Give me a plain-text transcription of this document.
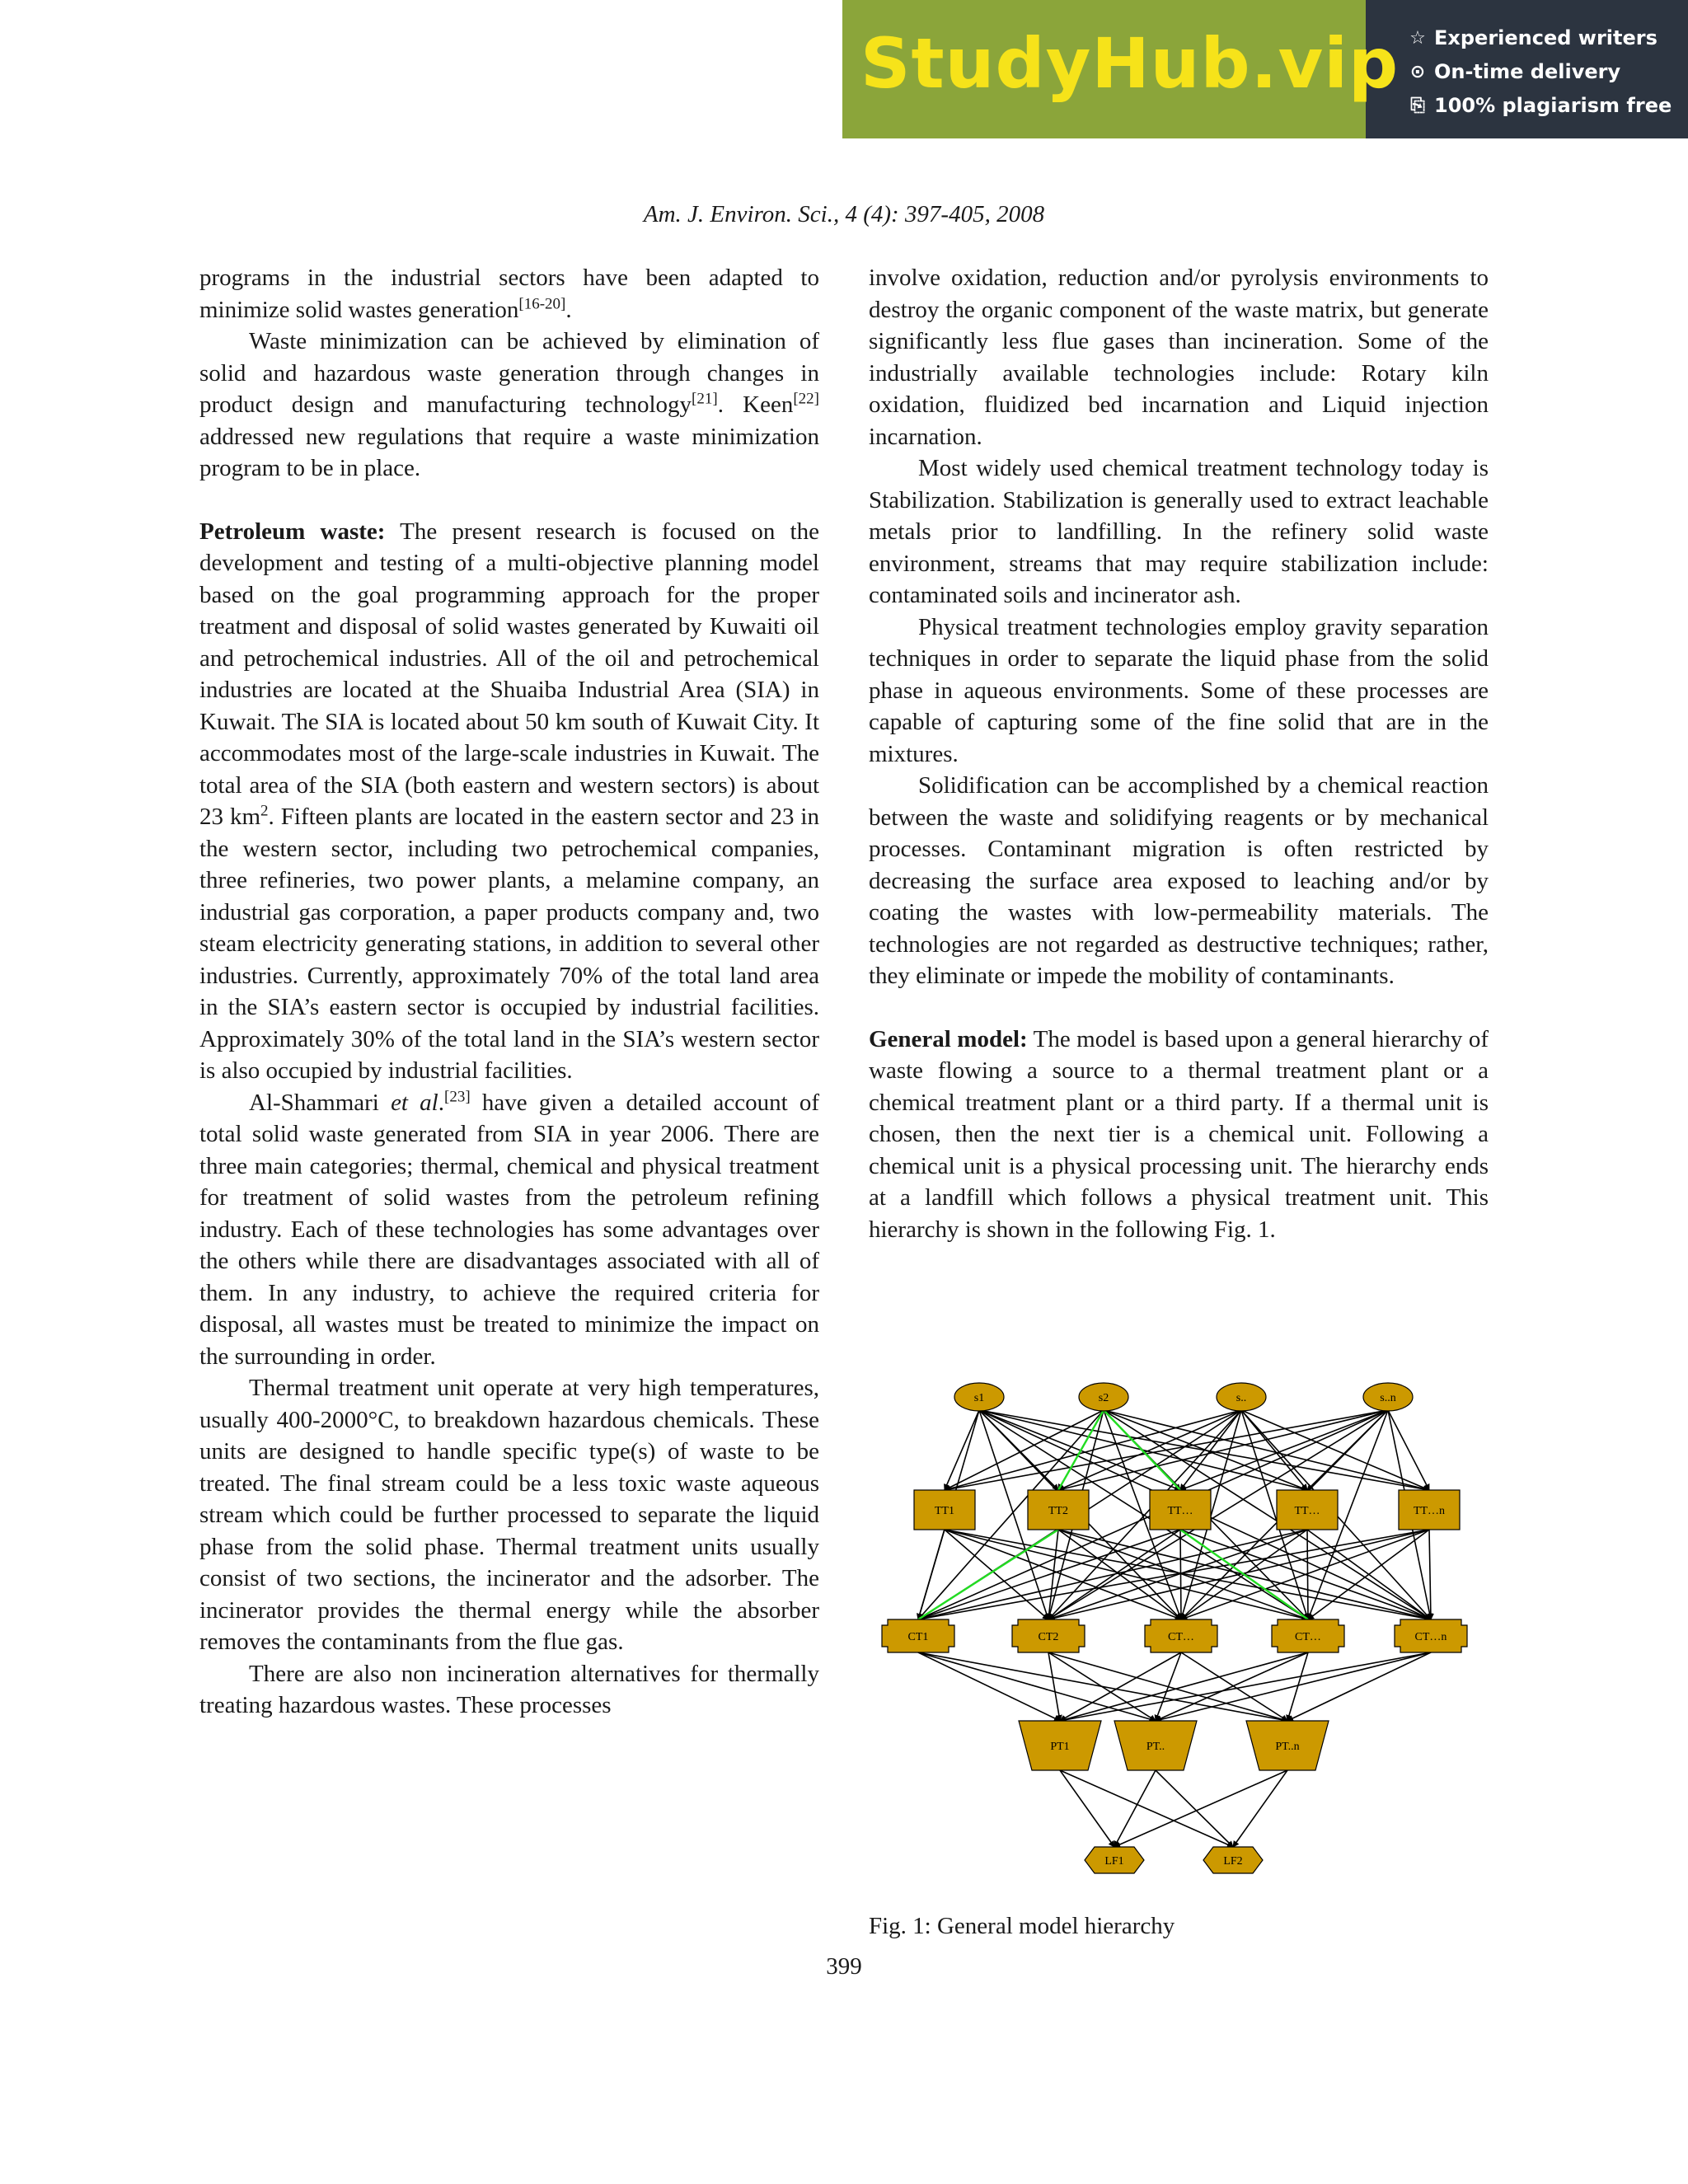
StudyHub.vip ☆ Experienced writers
⊙ On-time delivery
⎘ 100% plagiarism free
Am. J. Environ. Sci., 4 (4): 397-405, 2008

programs in the industrial sectors have been adapted to minimize solid wastes generation[16-20].

Waste minimization can be achieved by elimination of solid and hazardous waste generation through changes in product design and manufacturing technology[21]. Keen[22] addressed new regulations that require a waste minimization program to be in place.

Petroleum waste: The present research is focused on the development and testing of a multi-objective planning model based on the goal programming approach for the proper treatment and disposal of solid wastes generated by Kuwaiti oil and petrochemical industries. All of the oil and petrochemical industries are located at the Shuaiba Industrial Area (SIA) in Kuwait. The SIA is located about 50 km south of Kuwait City. It accommodates most of the large-scale industries in Kuwait. The total area of the SIA (both eastern and western sectors) is about 23 $km^2$. Fifteen plants are located in the eastern sector and 23 in the western sector, including two petrochemical companies, three refineries, two power plants, a melamine company, an industrial gas corporation, a paper products company and, two steam electricity generating stations, in addition to several other industries. Currently, approximately 70% of the total land area in the SIA’s eastern sector is occupied by industrial facilities. Approximately 30% of the total land in the SIA’s western sector is also occupied by industrial facilities.

Al-Shammari et al.[23] have given a detailed account of total solid waste generated from SIA in year 2006. There are three main categories; thermal, chemical and physical treatment for treatment of solid wastes from the petroleum refining industry. Each of these technologies has some advantages over the others while there are disadvantages associated with all of them. In any industry, to achieve the required criteria for disposal, all wastes must be treated to minimize the impact on the surrounding in order.

Thermal treatment unit operate at very high temperatures, usually 400-2000°C, to breakdown hazardous chemicals. These units are designed to handle specific type(s) of waste to be treated. The final stream could be a less toxic waste aqueous stream which could be further processed to separate the liquid phase from the solid phase. Thermal treatment units usually consist of two sections, the incinerator and the adsorber. The incinerator provides the thermal energy while the absorber removes the contaminants from the flue gas.

There are also non incineration alternatives for thermally treating hazardous wastes. These processes

involve oxidation, reduction and/or pyrolysis environments to destroy the organic component of the waste matrix, but generate significantly less flue gases than incineration. Some of the industrially available technologies include: Rotary kiln oxidation, fluidized bed incarnation and Liquid injection incarnation.

Most widely used chemical treatment technology today is Stabilization. Stabilization is generally used to extract leachable metals prior to landfilling. In the refinery solid waste environment, streams that may require stabilization include: contaminated soils and incinerator ash.

Physical treatment technologies employ gravity separation techniques in order to separate the liquid phase from the solid phase in aqueous environments. Some of these processes are capable of capturing some of the fine solid that are in the mixtures.

Solidification can be accomplished by a chemical reaction between the waste and solidifying reagents or by mechanical processes. Contaminant migration is often restricted by decreasing the surface area exposed to leaching and/or by coating the wastes with low-permeability materials. The technologies are not regarded as destructive techniques; rather, they eliminate or impede the mobility of contaminants.

General model: The model is based upon a general hierarchy of waste flowing a source to a thermal treatment plant or a chemical treatment plant or a third party. If a thermal unit is chosen, then the next tier is a chemical unit. Following a chemical unit is a physical processing unit. The hierarchy ends at a landfill which follows a physical treatment unit. This hierarchy is shown in the following Fig. 1.

s1	s2	s..	s..n
TT1	TT2	TT…	TT…	TT…n
CT1	CT2	CT…	CT…	CT…n
PT1	PT..	PT..n
LF1	LF2
Fig. 1: General model hierarchy
399
